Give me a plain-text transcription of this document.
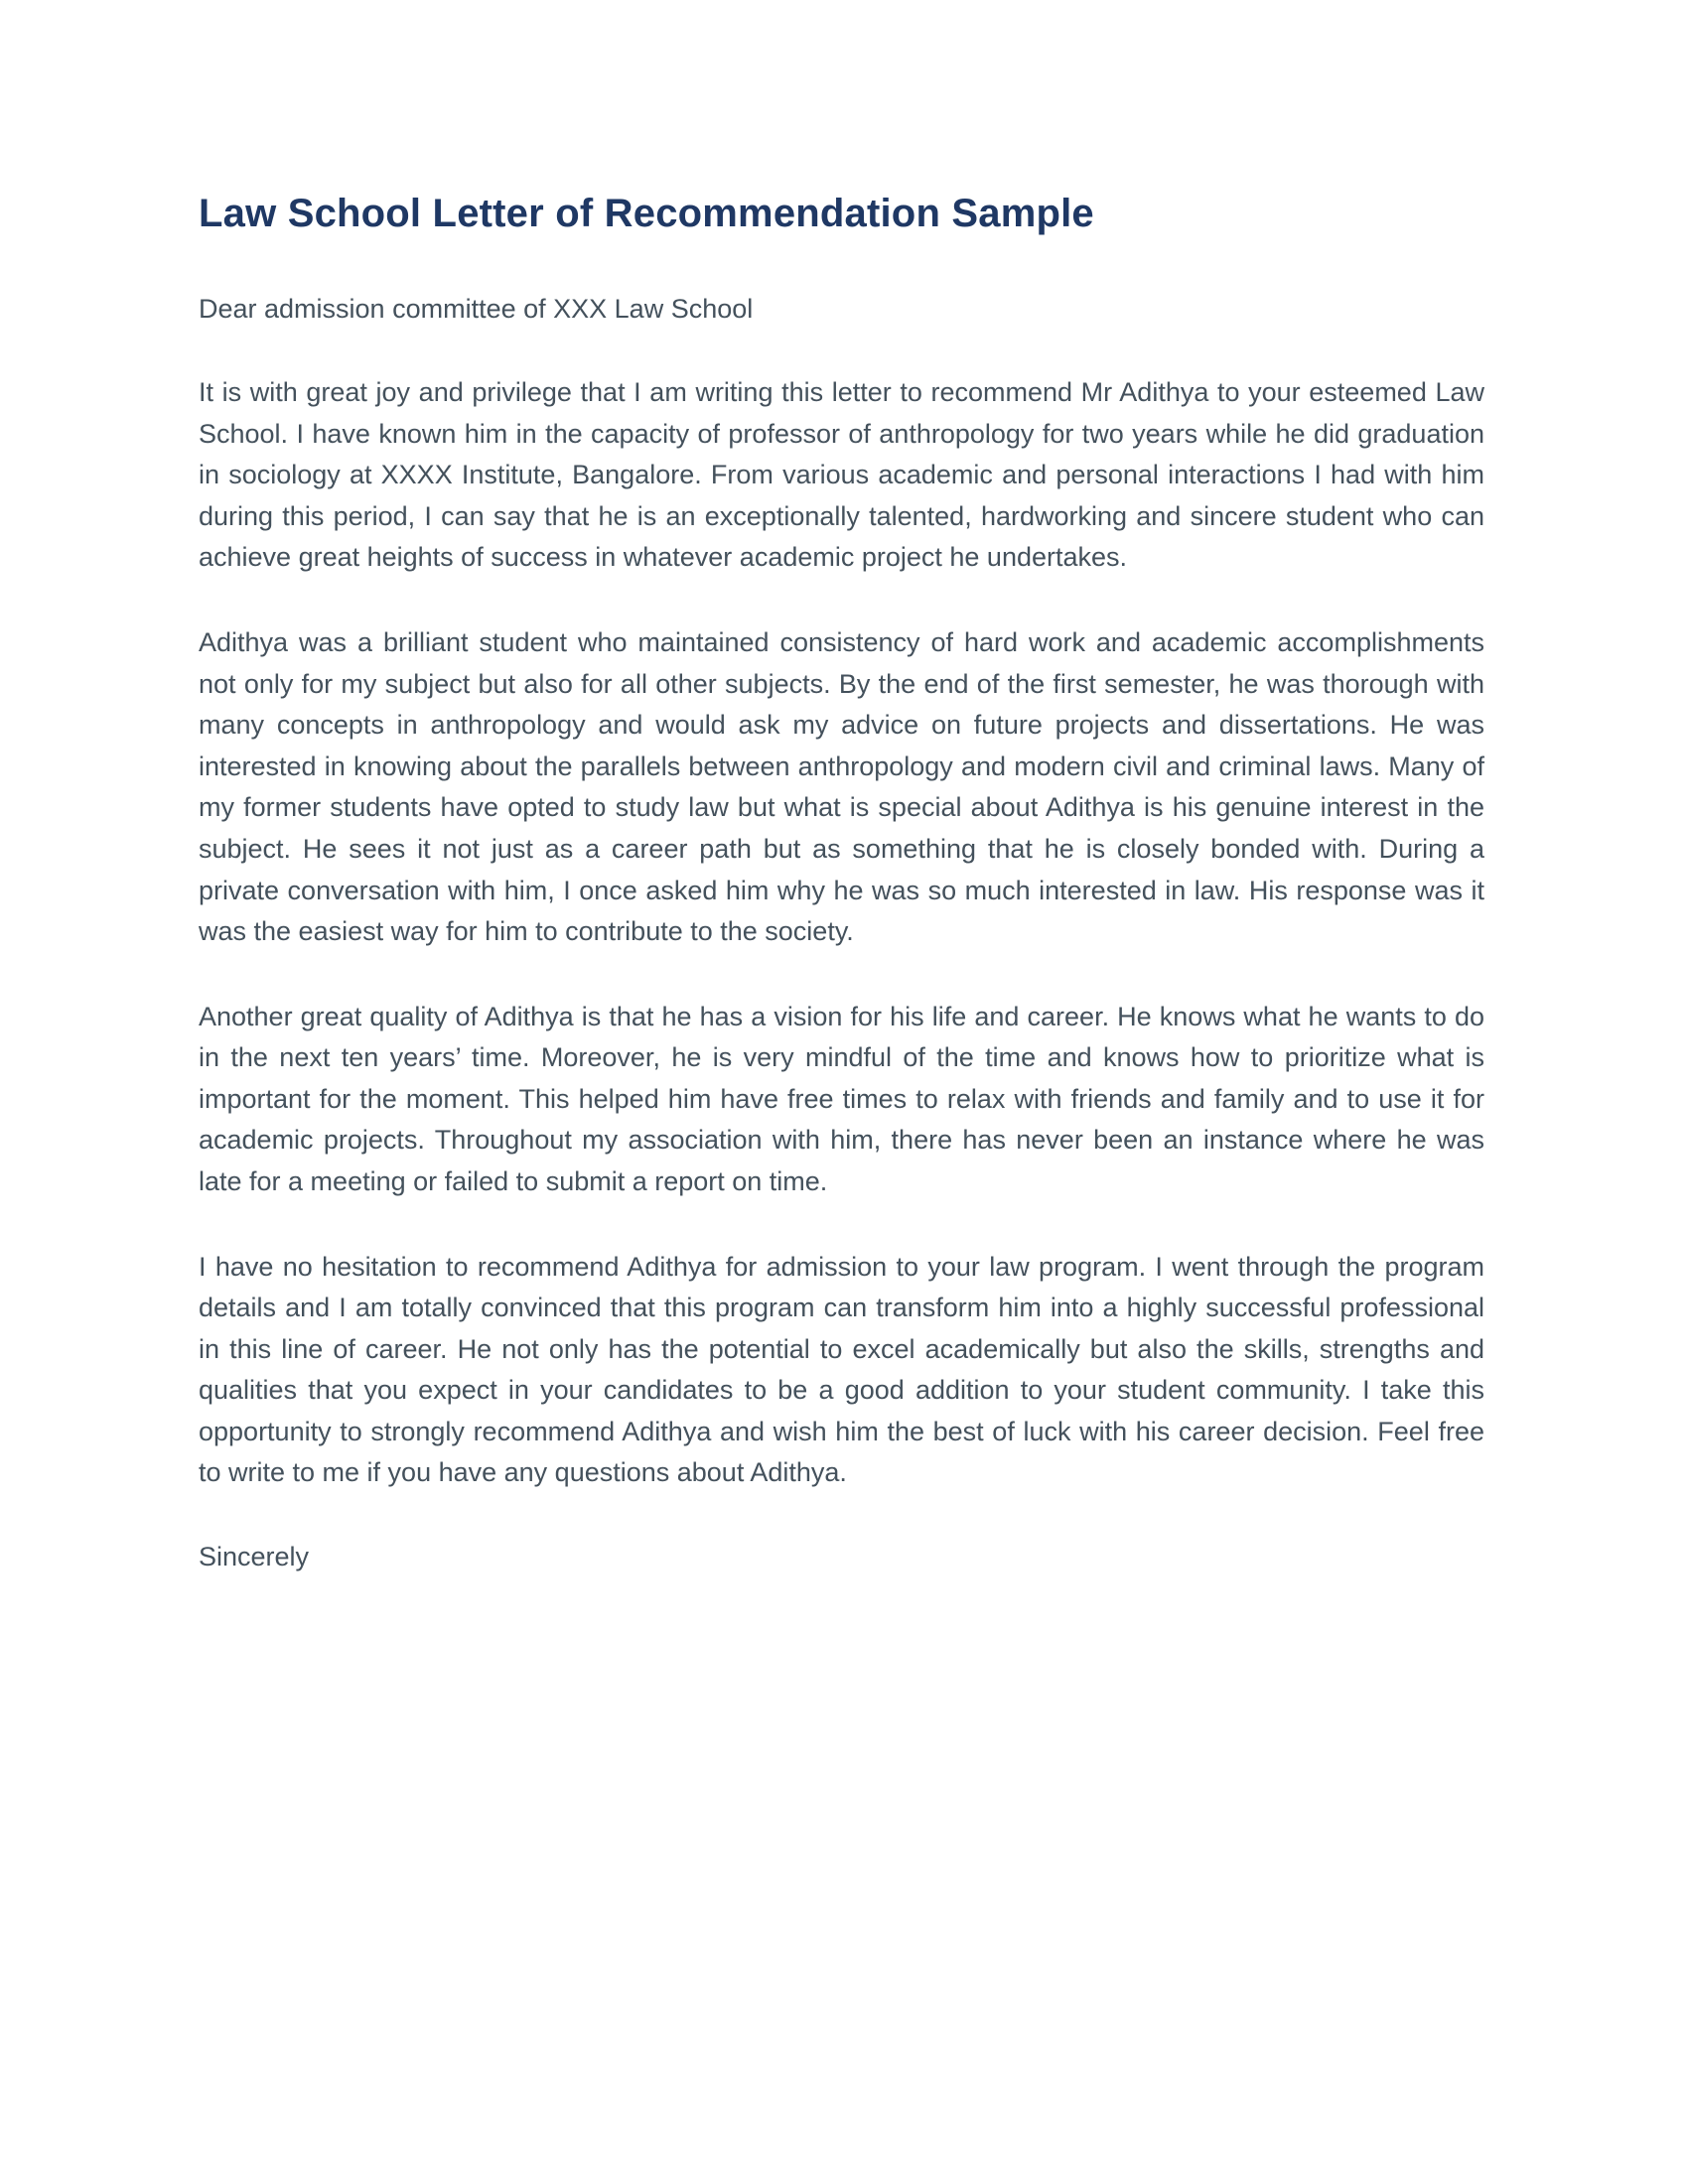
Law School Letter of Recommendation Sample

Dear admission committee of XXX Law School

It is with great joy and privilege that I am writing this letter to recommend Mr Adithya to your esteemed Law School. I have known him in the capacity of professor of anthropology for two years while he did graduation in sociology at XXXX Institute, Bangalore. From various academic and personal interactions I had with him during this period, I can say that he is an exceptionally talented, hardworking and sincere student who can achieve great heights of success in whatever academic project he undertakes.

Adithya was a brilliant student who maintained consistency of hard work and academic accomplishments not only for my subject but also for all other subjects. By the end of the first semester, he was thorough with many concepts in anthropology and would ask my advice on future projects and dissertations. He was interested in knowing about the parallels between anthropology and modern civil and criminal laws. Many of my former students have opted to study law but what is special about Adithya is his genuine interest in the subject. He sees it not just as a career path but as something that he is closely bonded with. During a private conversation with him, I once asked him why he was so much interested in law. His response was it was the easiest way for him to contribute to the society.

Another great quality of Adithya is that he has a vision for his life and career. He knows what he wants to do in the next ten years’ time. Moreover, he is very mindful of the time and knows how to prioritize what is important for the moment. This helped him have free times to relax with friends and family and to use it for academic projects. Throughout my association with him, there has never been an instance where he was late for a meeting or failed to submit a report on time.

I have no hesitation to recommend Adithya for admission to your law program. I went through the program details and I am totally convinced that this program can transform him into a highly successful professional in this line of career. He not only has the potential to excel academically but also the skills, strengths and qualities that you expect in your candidates to be a good addition to your student community. I take this opportunity to strongly recommend Adithya and wish him the best of luck with his career decision. Feel free to write to me if you have any questions about Adithya.

Sincerely
